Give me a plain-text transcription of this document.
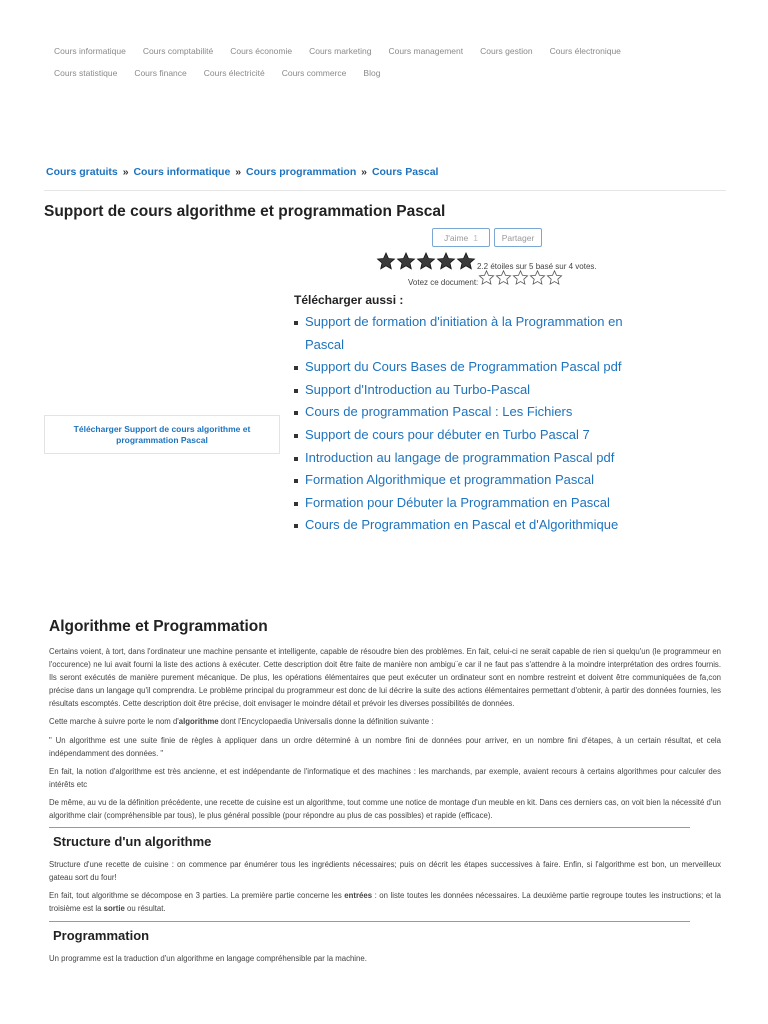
Cours informatique	Cours comptabilité	Cours économie	Cours marketing	Cours management	Cours gestion	Cours électronique
Cours statistique	Cours finance	Cours électricité	Cours commerce	Blog
Cours gratuits » Cours informatique » Cours programmation » Cours Pascal
Support de cours algorithme et programmation Pascal
J'aime 1	Partager
2.2 étoiles sur 5 basé sur 4 votes.
Votez ce document:
Télécharger Support de cours algorithme et programmation Pascal
Télécharger aussi :
Support de formation d'initiation à la Programmation en
Pascal
Support du Cours Bases de Programmation Pascal pdf
Support d'Introduction au Turbo-Pascal
Cours de programmation Pascal : Les Fichiers
Support de cours pour débuter en Turbo Pascal 7
Introduction au langage de programmation Pascal pdf
Formation Algorithmique et programmation Pascal
Formation pour Débuter la Programmation en Pascal
Cours de Programmation en Pascal et d'Algorithmique
Algorithme et Programmation

Certains voient, à tort, dans l'ordinateur une machine pensante et intelligente, capable de résoudre bien des problèmes. En fait, celui-ci ne serait capable de rien si quelqu'un (le programmeur en l'occurence) ne lui avait fourni la liste des actions à exécuter. Cette description doit être faite de manière non ambigu¨e car il ne faut pas s'attendre à la moindre interprétation des ordres fournis. Ils seront exécutés de manière purement mécanique. De plus, les opérations élémentaires que peut exécuter un ordinateur sont en nombre restreint et doivent être communiquées de fa,con précise dans un langage qu'il comprendra. Le problème principal du programmeur est donc de lui décrire la suite des actions élémentaires permettant d'obtenir, à partir des données fournies, les résultats escomptés. Cette description doit être précise, doit envisager le moindre détail et prévoir les diverses possibilités de données.

Cette marche à suivre porte le nom d'algorithme dont l'Encyclopaedia Universalis donne la définition suivante :

" Un algorithme est une suite finie de règles à appliquer dans un ordre déterminé à un nombre fini de données pour arriver, en un nombre fini d'étapes, à un certain résultat, et cela indépendamment des données. "

En fait, la notion d'algorithme est très ancienne, et est indépendante de l'informatique et des machines : les marchands, par exemple, avaient recours à certains algorithmes pour calculer des intérêts etc

De même, au vu de la définition précédente, une recette de cuisine est un algorithme, tout comme une notice de montage d'un meuble en kit. Dans ces derniers cas, on voit bien la nécessité d'un algorithme clair (compréhensible par tous), le plus général possible (pour répondre au plus de cas possibles) et rapide (efficace).

Structure d'un algorithme

Structure d'une recette de cuisine : on commence par énumérer tous les ingrédients nécessaires; puis on décrit les étapes successives à faire. Enfin, si l'algorithme est bon, un merveilleux gateau sort du four!

En fait, tout algorithme se décompose en 3 parties. La première partie concerne les entrées : on liste toutes les données nécessaires. La deuxième partie regroupe toutes les instructions; et la troisième est la sortie ou résultat.

Programmation

Un programme est la traduction d'un algorithme en langage compréhensible par la machine.
